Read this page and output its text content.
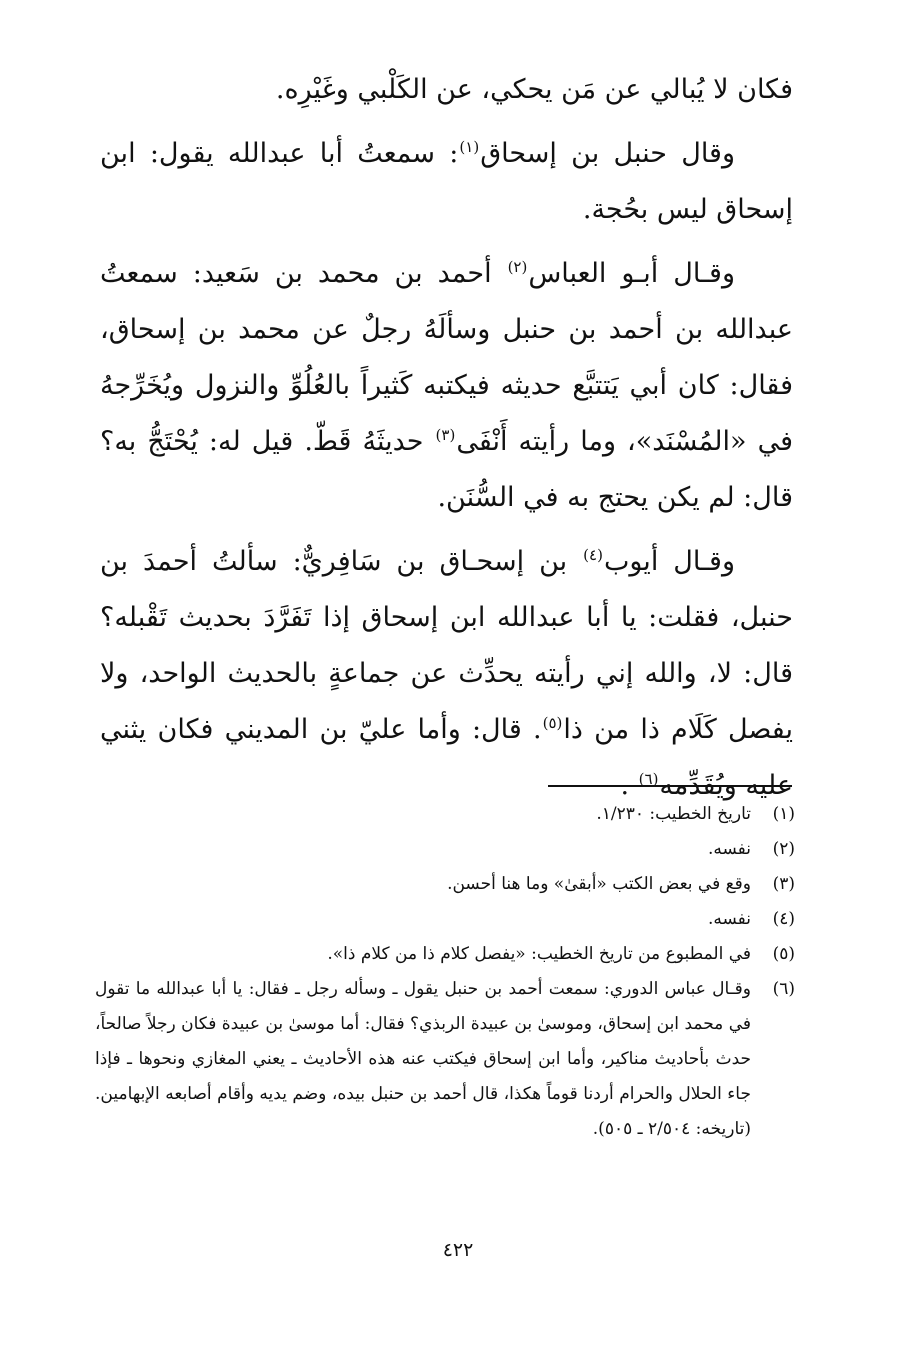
فكان لا يُبالي عن مَن يحكي، عن الكَلْبي وغَيْرِه.

وقال حنبل بن إسحاق$^{(١)}$: سمعتُ أبا عبدالله يقول: ابن إسحاق ليس بحُجة.

وقـال أبـو العباس$^{(٢)}$ أحمد بن محمد بن سَعيد: سمعتُ عبدالله بن أحمد بن حنبل وسألَهُ رجلٌ عن محمد بن إسحاق، فقال: كان أبي يَتتبَّع حديثه فيكتبه كَثيراً بالعُلُوِّ والنزول ويُخَرِّجهُ في «المُسْنَد»، وما رأيته أَنْفَى$^{(٣)}$ حديثَهُ قَطّ. قيل له: يُحْتَجُّ به؟ قال: لم يكن يحتج به في السُّنَن.

وقـال أيوب$^{(٤)}$ بن إسحـاق بن سَافِريٌّ: سألتُ أحمدَ بن حنبل، فقلت: يا أبا عبدالله ابن إسحاق إذا تَفَرَّدَ بحديث تَقْبله؟ قال: لا، والله إني رأيته يحدِّث عن جماعةٍ بالحديث الواحد، ولا يفصل كَلَام ذا من ذا$^{(٥)}$. قال: وأما عليّ بن المديني فكان يثني عليه ويُقَدِّمه$^{(٦)}$ .

(١)
تاريخ الخطيب: ١/٢٣٠.
(٢)
نفسه.
(٣)
وقع في بعض الكتب «أبقىٰ» وما هنا أحسن.
(٤)
نفسه.
(٥)
في المطبوع من تاريخ الخطيب: «يفصل كلام ذا من كلام ذا».
(٦)
وقـال عباس الدوري: سمعت أحمد بن حنبل يقول ـ وسأله رجل ـ فقال: يا أبا عبدالله ما تقول في محمد ابن إسحاق، وموسىٰ بن عبيدة الربذي؟ فقال: أما موسىٰ بن عبيدة فكان رجلاً صالحاً، حدث بأحاديث مناكير، وأما ابن إسحاق فيكتب عنه هذه الأحاديث ـ يعني المغازي ونحوها ـ فإذا جاء الحلال والحرام أردنا قوماً هكذا، قال أحمد بن حنبل بيده، وضم يديه وأقام أصابعه الإبهامين. (تاريخه: ٢/٥٠٤ ـ ٥٠٥).
٤٢٢
